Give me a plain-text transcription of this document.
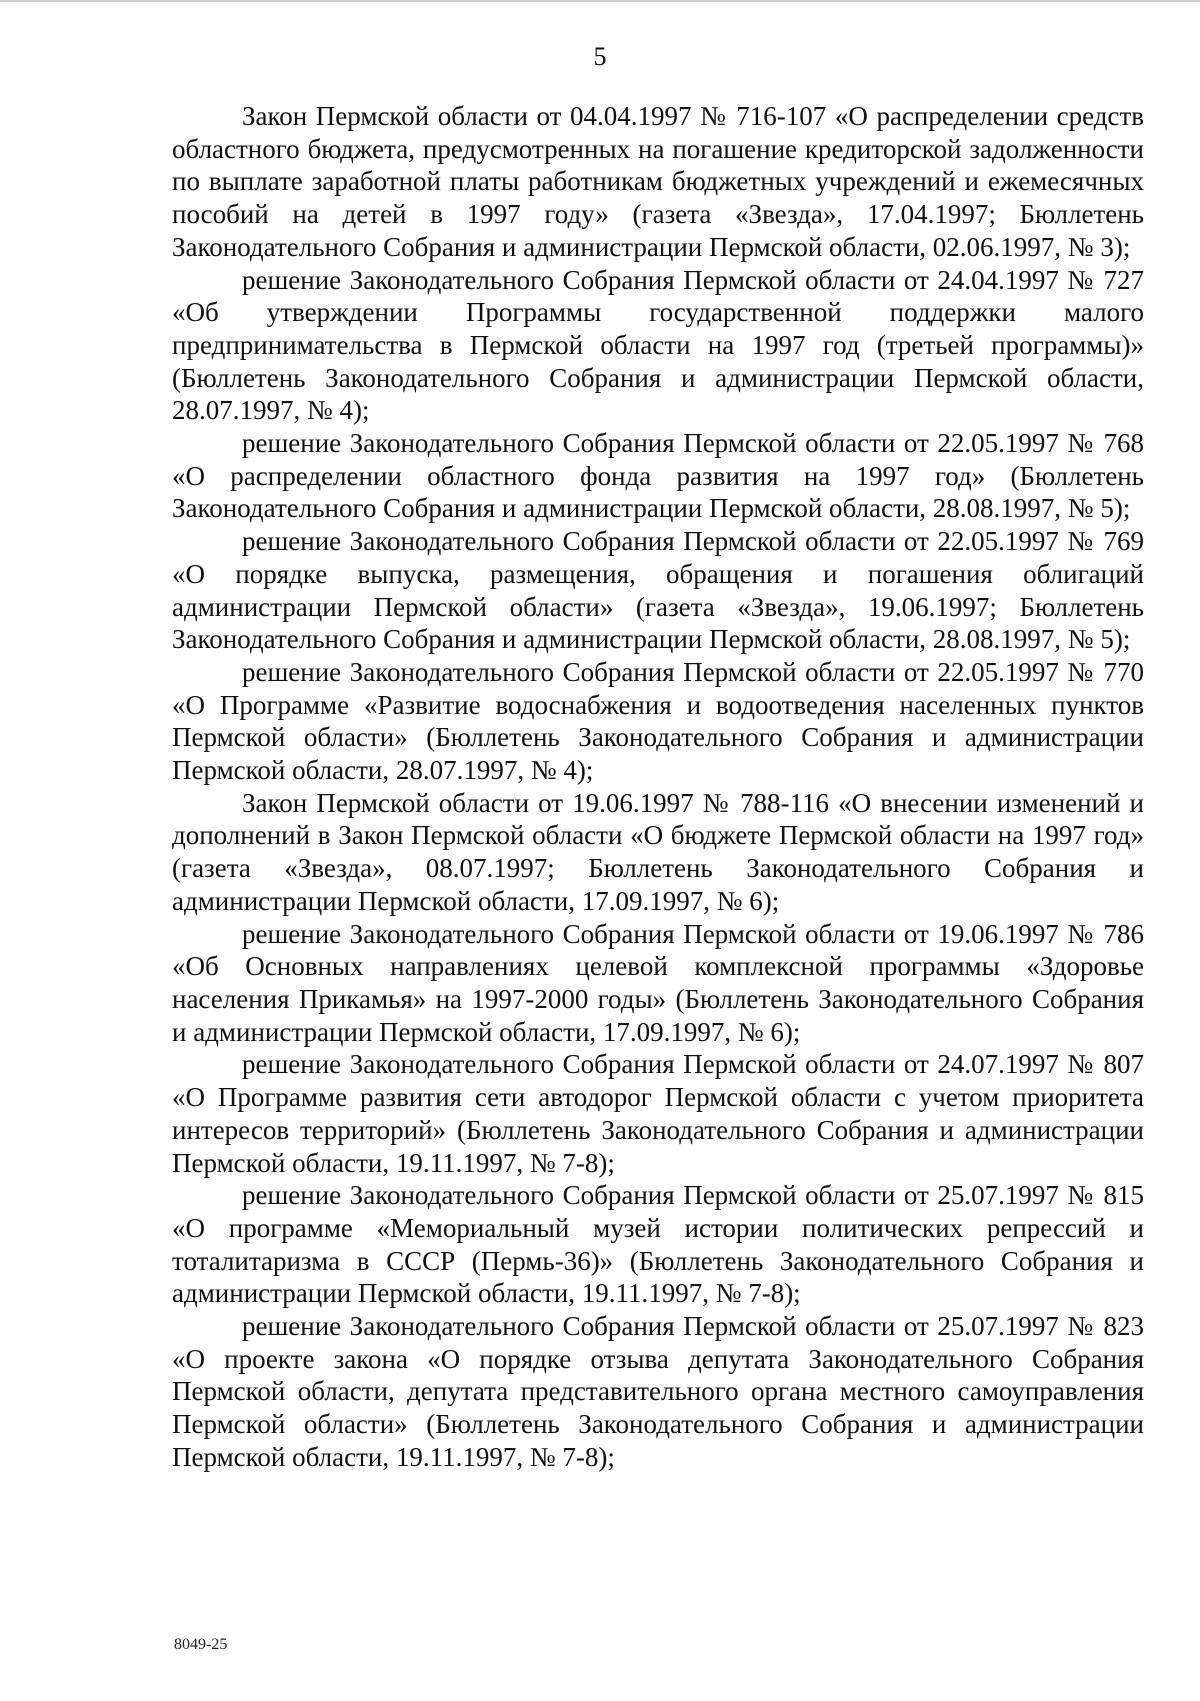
5

Закон Пермской области от 04.04.1997 № 716-107 «О распределении средств областного бюджета, предусмотренных на погашение кредиторской задолженности по выплате заработной платы работникам бюджетных учреждений и ежемесячных пособий на детей в 1997 году» (газета «Звезда», 17.04.1997; Бюллетень Законодательного Собрания и администрации Пермской области, 02.06.1997, № 3);

решение Законодательного Собрания Пермской области от 24.04.1997 № 727 «Об утверждении Программы государственной поддержки малого предпринимательства в Пермской области на 1997 год (третьей программы)» (Бюллетень Законодательного Собрания и администрации Пермской области, 28.07.1997, № 4);

решение Законодательного Собрания Пермской области от 22.05.1997 № 768 «О распределении областного фонда развития на 1997 год» (Бюллетень Законодательного Собрания и администрации Пермской области, 28.08.1997, № 5);

решение Законодательного Собрания Пермской области от 22.05.1997 № 769 «О порядке выпуска, размещения, обращения и погашения облигаций администрации Пермской области» (газета «Звезда», 19.06.1997; Бюллетень Законодательного Собрания и администрации Пермской области, 28.08.1997, № 5);

решение Законодательного Собрания Пермской области от 22.05.1997 № 770 «О Программе «Развитие водоснабжения и водоотведения населенных пунктов Пермской области» (Бюллетень Законодательного Собрания и администрации Пермской области, 28.07.1997, № 4);

Закон Пермской области от 19.06.1997 № 788-116 «О внесении изменений и дополнений в Закон Пермской области «О бюджете Пермской области на 1997 год» (газета «Звезда», 08.07.1997; Бюллетень Законодательного Собрания и администрации Пермской области, 17.09.1997, № 6);

решение Законодательного Собрания Пермской области от 19.06.1997 № 786 «Об Основных направлениях целевой комплексной программы «Здоровье населения Прикамья» на 1997-2000 годы» (Бюллетень Законодательного Собрания и администрации Пермской области, 17.09.1997, № 6);

решение Законодательного Собрания Пермской области от 24.07.1997 № 807 «О Программе развития сети автодорог Пермской области с учетом приоритета интересов территорий» (Бюллетень Законодательного Собрания и администрации Пермской области, 19.11.1997, № 7-8);

решение Законодательного Собрания Пермской области от 25.07.1997 № 815 «О программе «Мемориальный музей истории политических репрессий и тоталитаризма в СССР (Пермь-36)» (Бюллетень Законодательного Собрания и администрации Пермской области, 19.11.1997, № 7-8);

решение Законодательного Собрания Пермской области от 25.07.1997 № 823 «О проекте закона «О порядке отзыва депутата Законодательного Собрания Пермской области, депутата представительного органа местного самоуправления Пермской области» (Бюллетень Законодательного Собрания и администрации Пермской области, 19.11.1997, № 7-8);

8049-25
